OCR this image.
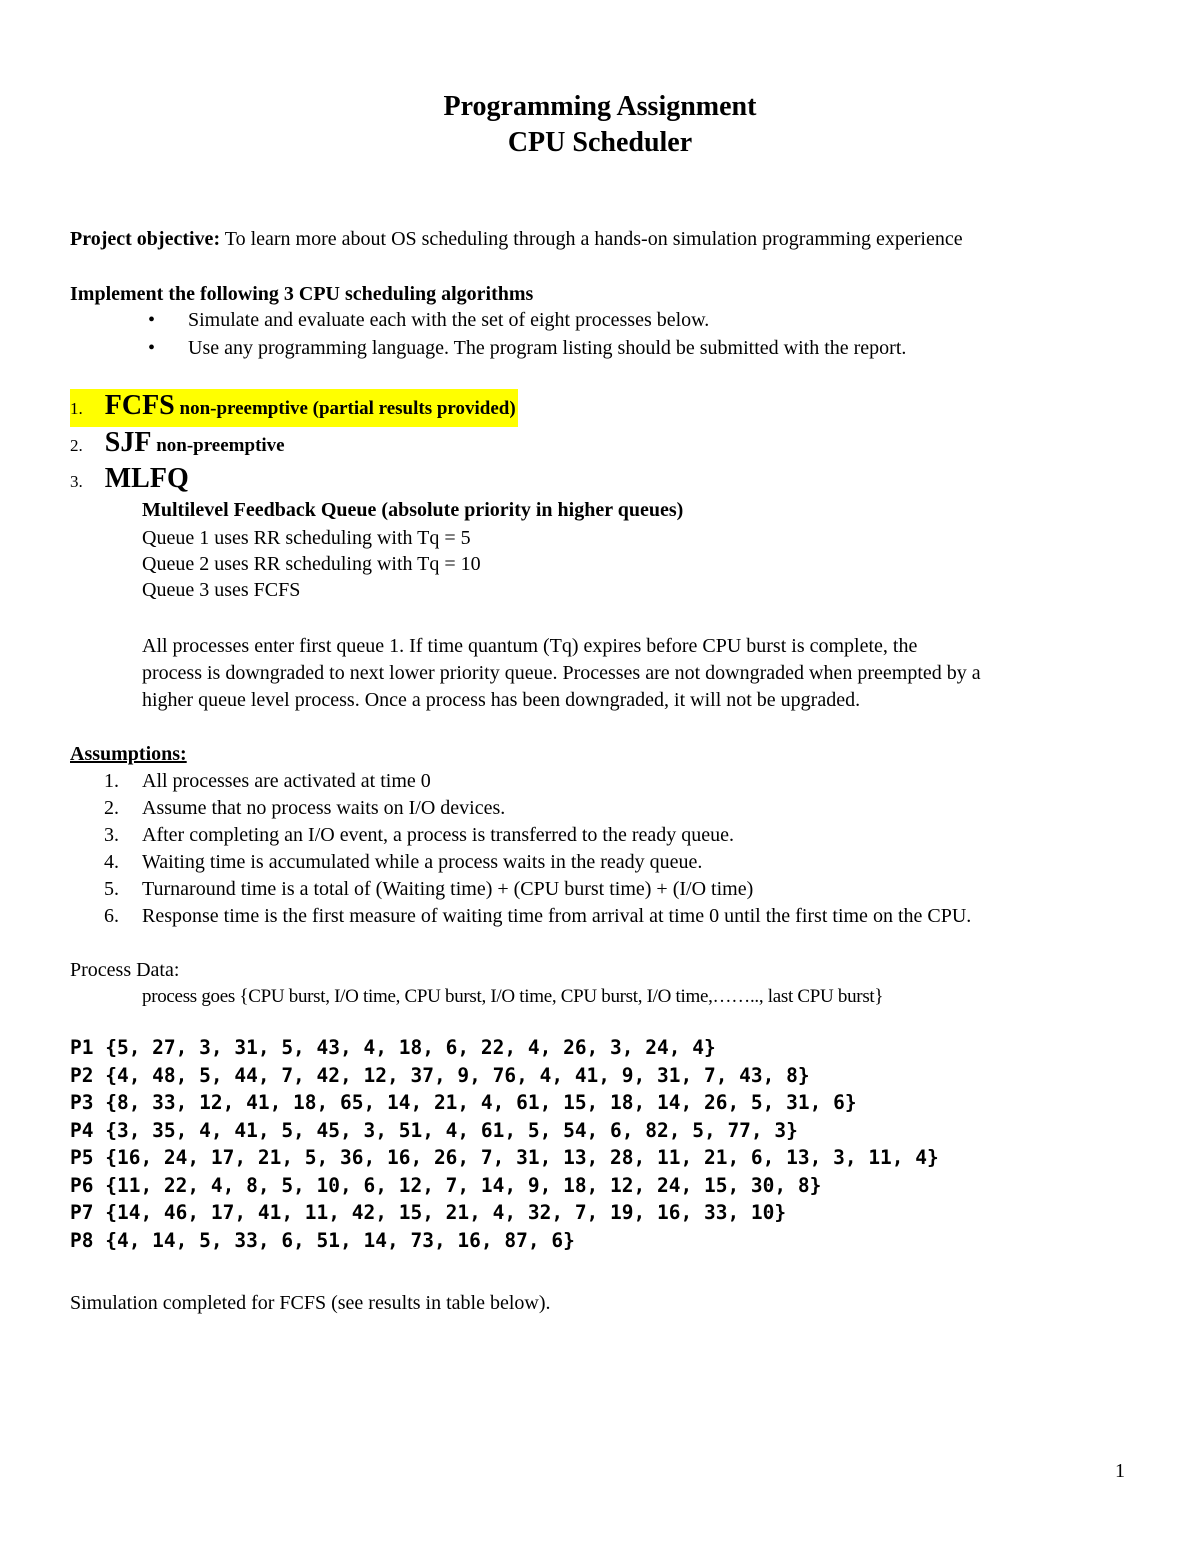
Programming Assignment
CPU Scheduler
Project objective: To learn more about OS scheduling through a hands-on simulation programming experience
Implement the following 3 CPU scheduling algorithms
• Simulate and evaluate each with the set of eight processes below.
• Use any programming language. The program listing should be submitted with the report.
1. FCFS non-preemptive (partial results provided)
2. SJF non-preemptive
3. MLFQ
Multilevel Feedback Queue (absolute priority in higher queues)
Queue 1 uses RR scheduling with Tq = 5
Queue 2 uses RR scheduling with Tq = 10
Queue 3 uses FCFS
All processes enter first queue 1. If time quantum (Tq) expires before CPU burst is complete, the
process is downgraded to next lower priority queue. Processes are not downgraded when preempted by a
higher queue level process. Once a process has been downgraded, it will not be upgraded.
Assumptions:
1. All processes are activated at time 0
2. Assume that no process waits on I/O devices.
3. After completing an I/O event, a process is transferred to the ready queue.
4. Waiting time is accumulated while a process waits in the ready queue.
5. Turnaround time is a total of (Waiting time) + (CPU burst time) + (I/O time)
6. Response time is the first measure of waiting time from arrival at time 0 until the first time on the CPU.
Process Data:
process goes {CPU burst, I/O time, CPU burst, I/O time, CPU burst, I/O time,…….., last CPU burst}
P1 {5, 27, 3, 31, 5, 43, 4, 18, 6, 22, 4, 26, 3, 24, 4}
P2 {4, 48, 5, 44, 7, 42, 12, 37, 9, 76, 4, 41, 9, 31, 7, 43, 8}
P3 {8, 33, 12, 41, 18, 65, 14, 21, 4, 61, 15, 18, 14, 26, 5, 31, 6}
P4 {3, 35, 4, 41, 5, 45, 3, 51, 4, 61, 5, 54, 6, 82, 5, 77, 3}
P5 {16, 24, 17, 21, 5, 36, 16, 26, 7, 31, 13, 28, 11, 21, 6, 13, 3, 11, 4}
P6 {11, 22, 4, 8, 5, 10, 6, 12, 7, 14, 9, 18, 12, 24, 15, 30, 8}
P7 {14, 46, 17, 41, 11, 42, 15, 21, 4, 32, 7, 19, 16, 33, 10}
P8 {4, 14, 5, 33, 6, 51, 14, 73, 16, 87, 6}
Simulation completed for FCFS (see results in table below).
1
